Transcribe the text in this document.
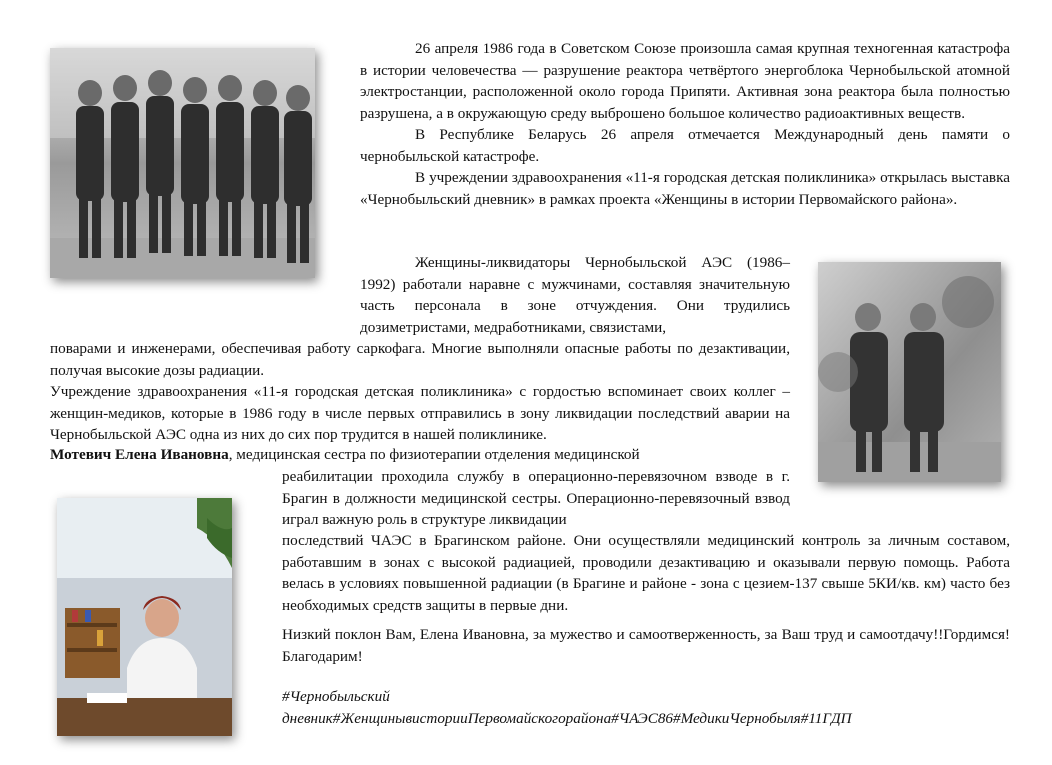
26 апреля 1986 года в Советском Союзе произошла самая крупная техногенная катастрофа в истории человечества — разрушение реактора четвёртого энергоблока Чернобыльской атомной электростанции, расположенной около города Припяти. Активная зона реактора была полностью разрушена, а в окружающую среду выброшено большое количество радиоактивных веществ.

В Республике Беларусь 26 апреля отмечается Международный день памяти о чернобыльской катастрофе.

В учреждении здравоохранения «11-я городская детская поликлиника» открылась выставка «Чернобыльский дневник» в рамках проекта «Женщины в истории Первомайского района».

Женщины-ликвидаторы Чернобыльской АЭС (1986–1992) работали наравне с мужчинами, составляя значительную часть персонала в зоне отчуждения. Они трудились дозиметристами, медработниками, связистами,

поварами и инженерами, обеспечивая работу саркофага. Многие выполняли опасные работы по дезактивации, получая высокие дозы радиации.

Учреждение здравоохранения «11-я городская детская поликлиника» с гордостью вспоминает своих коллег – женщин-медиков, которые в 1986 году в числе первых отправились в зону ликвидации последствий аварии на Чернобыльской АЭС одна из них до сих пор трудится в нашей поликлинике.

Мотевич Елена Ивановна, медицинская сестра по физиотерапии отделения медицинской

реабилитации проходила службу в операционно-перевязочном взводе в г. Брагин в должности медицинской сестры. Операционно-перевязочный взвод играл важную роль в структуре ликвидации

последствий ЧАЭС в Брагинском районе. Они осуществляли медицинский контроль за личным составом, работавшим в зонах с высокой радиацией, проводили дезактивацию и оказывали первую помощь. Работа велась в условиях повышенной радиации (в Брагине и районе - зона с цезием-137 свыше 5КИ/кв. км) часто без необходимых средств защиты в первые дни.

Низкий поклон Вам, Елена Ивановна, за мужество и самоотверженность, за Ваш труд и самоотдачу!!Гордимся! Благодарим!

#Чернобыльский

дневник#ЖенщинывисторииПервомайскогорайона#ЧАЭС86#МедикиЧернобыля#11ГДП
